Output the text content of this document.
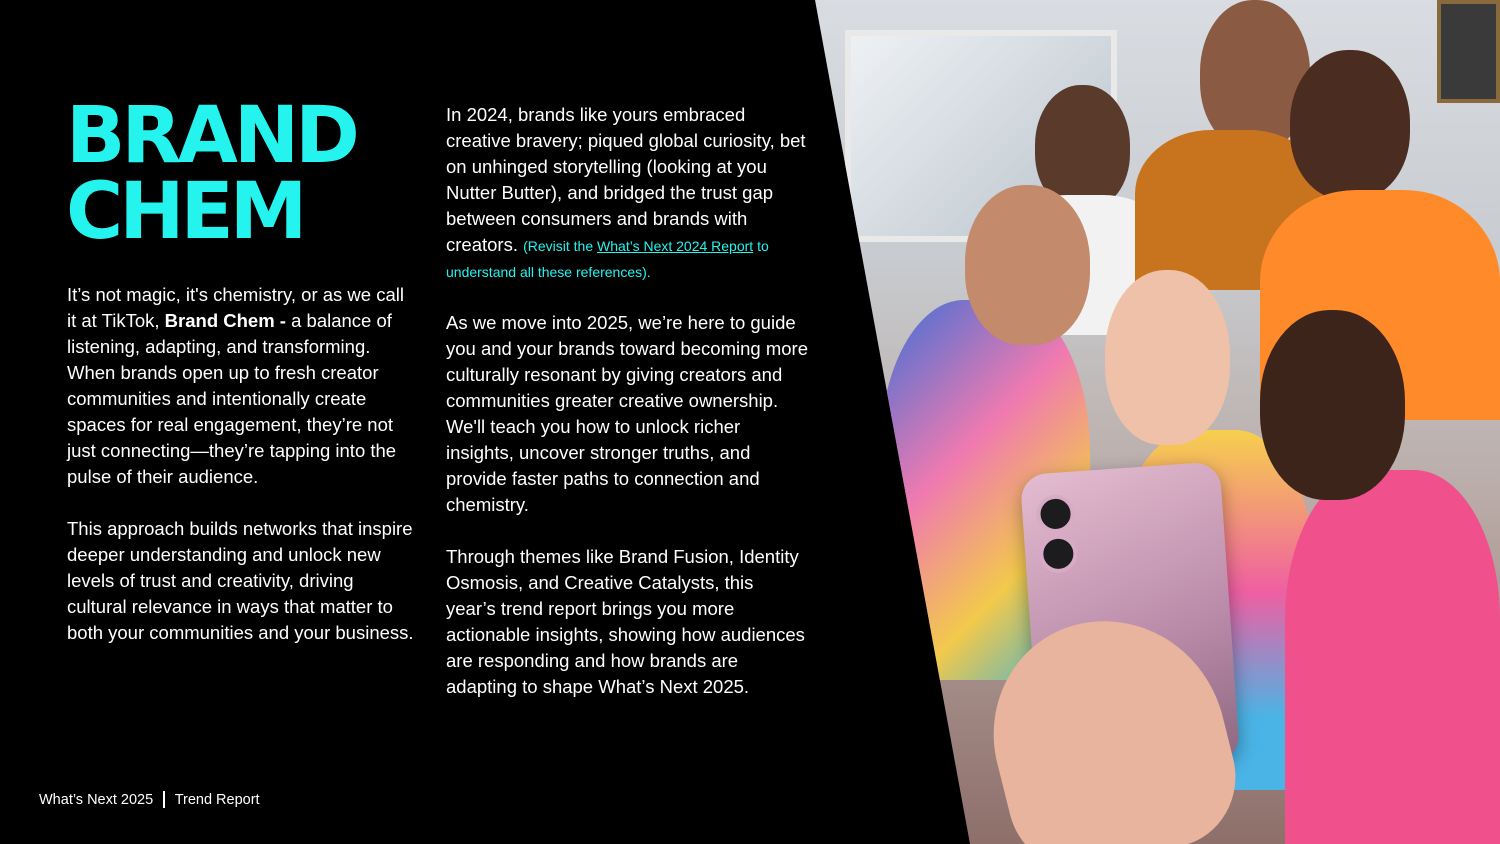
BRAND
CHEM

It’s not magic, it's chemistry, or as we call it at TikTok, Brand Chem - a balance of listening, adapting, and transforming. When brands open up to fresh creator communities and intentionally create spaces for real engagement, they’re not just connecting—they’re tapping into the pulse of their audience.

This approach builds networks that inspire deeper understanding and unlock new levels of trust and creativity, driving cultural relevance in ways that matter to both your communities and your business.

In 2024, brands like yours embraced creative bravery; piqued global curiosity, bet on unhinged storytelling (looking at you Nutter Butter), and bridged the trust gap between consumers and brands with creators. (Revisit the What’s Next 2024 Report to understand all these references).

As we move into 2025, we’re here to guide you and your brands toward becoming more culturally resonant by giving creators and communities greater creative ownership. We'll teach you how to unlock richer insights, uncover stronger truths, and provide faster paths to connection and chemistry.

Through themes like Brand Fusion, Identity Osmosis, and Creative Catalysts, this year’s trend report brings you more actionable insights, showing how audiences are responding and how brands are adapting to shape What’s Next 2025.

What’s Next 2025 Trend Report
